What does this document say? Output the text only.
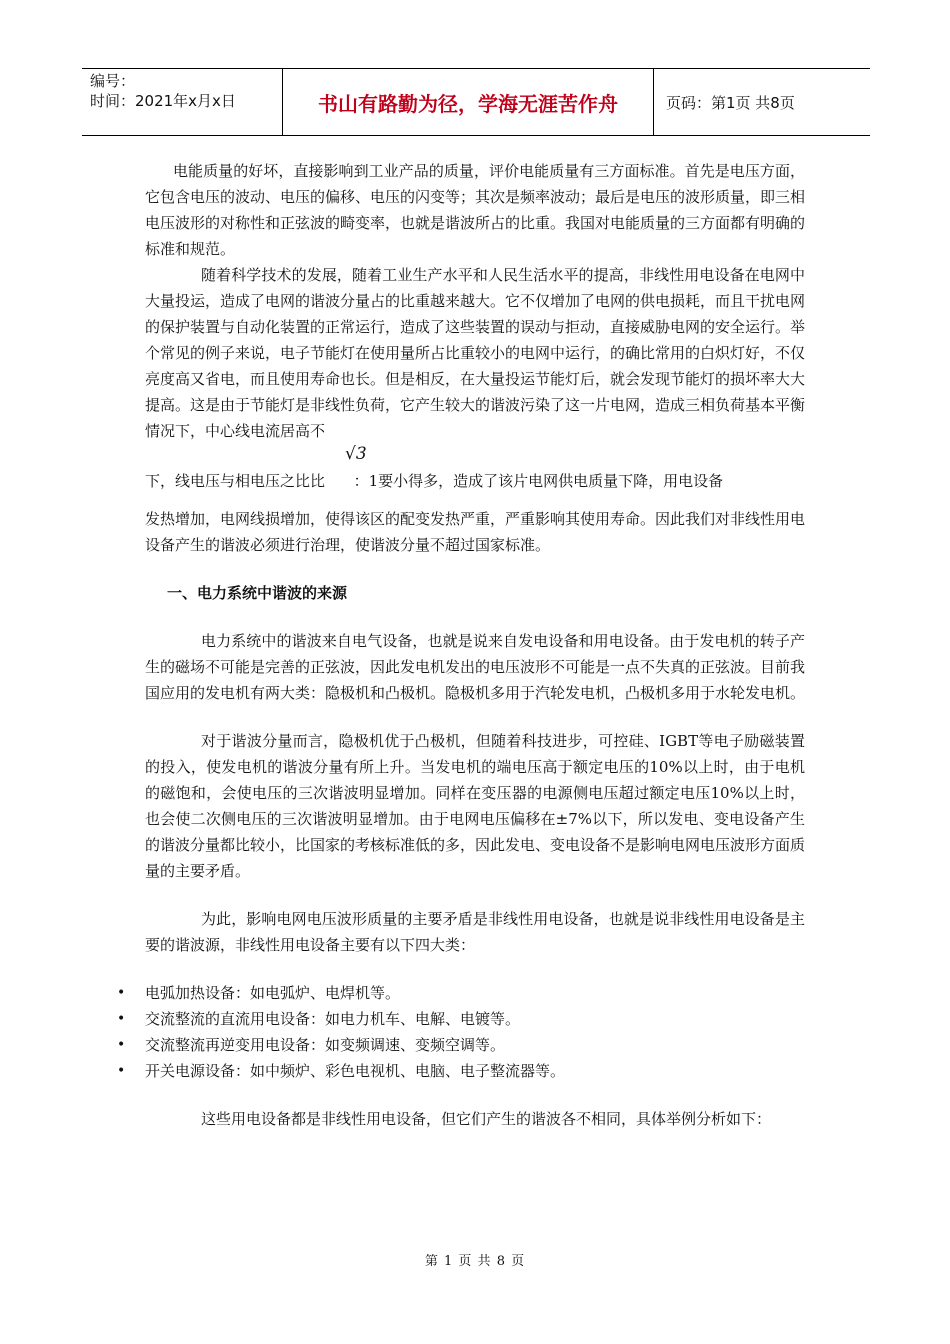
编号：
时间：2021年x月x日	书山有路勤为径，学海无涯苦作舟	页码：第1页 共8页

电能质量的好坏，直接影响到工业产品的质量，评价电能质量有三方面标准。首先是电压方面，它包含电压的波动、电压的偏移、电压的闪变等；其次是频率波动；最后是电压的波形质量，即三相电压波形的对称性和正弦波的畸变率，也就是谐波所占的比重。我国对电能质量的三方面都有明确的标准和规范。

随着科学技术的发展，随着工业生产水平和人民生活水平的提高，非线性用电设备在电网中大量投运，造成了电网的谐波分量占的比重越来越大。它不仅增加了电网的供电损耗，而且干扰电网的保护装置与自动化装置的正常运行，造成了这些装置的误动与拒动，直接威胁电网的安全运行。举个常见的例子来说，电子节能灯在使用量所占比重较小的电网中运行，的确比常用的白炽灯好，不仅亮度高又省电，而且使用寿命也长。但是相反，在大量投运节能灯后，就会发现节能灯的损坏率大大提高。这是由于节能灯是非线性负荷，它产生较大的谐波污染了这一片电网，造成三相负荷基本平衡情况下，中心线电流居高不

√3

下，线电压与相电压之比比      ：1要小得多，造成了该片电网供电质量下降，用电设备

发热增加，电网线损增加，使得该区的配变发热严重，严重影响其使用寿命。因此我们对非线性用电设备产生的谐波必须进行治理，使谐波分量不超过国家标准。

一、电力系统中谐波的来源

电力系统中的谐波来自电气设备，也就是说来自发电设备和用电设备。由于发电机的转子产生的磁场不可能是完善的正弦波，因此发电机发出的电压波形不可能是一点不失真的正弦波。目前我国应用的发电机有两大类：隐极机和凸极机。隐极机多用于汽轮发电机，凸极机多用于水轮发电机。

对于谐波分量而言，隐极机优于凸极机，但随着科技进步，可控硅、IGBT等电子励磁装置的投入，使发电机的谐波分量有所上升。当发电机的端电压高于额定电压的10%以上时，由于电机的磁饱和，会使电压的三次谐波明显增加。同样在变压器的电源侧电压超过额定电压10%以上时，也会使二次侧电压的三次谐波明显增加。由于电网电压偏移在±7%以下，所以发电、变电设备产生的谐波分量都比较小，比国家的考核标准低的多，因此发电、变电设备不是影响电网电压波形方面质量的主要矛盾。

为此，影响电网电压波形质量的主要矛盾是非线性用电设备，也就是说非线性用电设备是主要的谐波源，非线性用电设备主要有以下四大类：

•	电弧加热设备：如电弧炉、电焊机等。
•	交流整流的直流用电设备：如电力机车、电解、电镀等。
•	交流整流再逆变用电设备：如变频调速、变频空调等。
•	开关电源设备：如中频炉、彩色电视机、电脑、电子整流器等。

这些用电设备都是非线性用电设备，但它们产生的谐波各不相同，具体举例分析如下：

第 1 页 共 8 页
